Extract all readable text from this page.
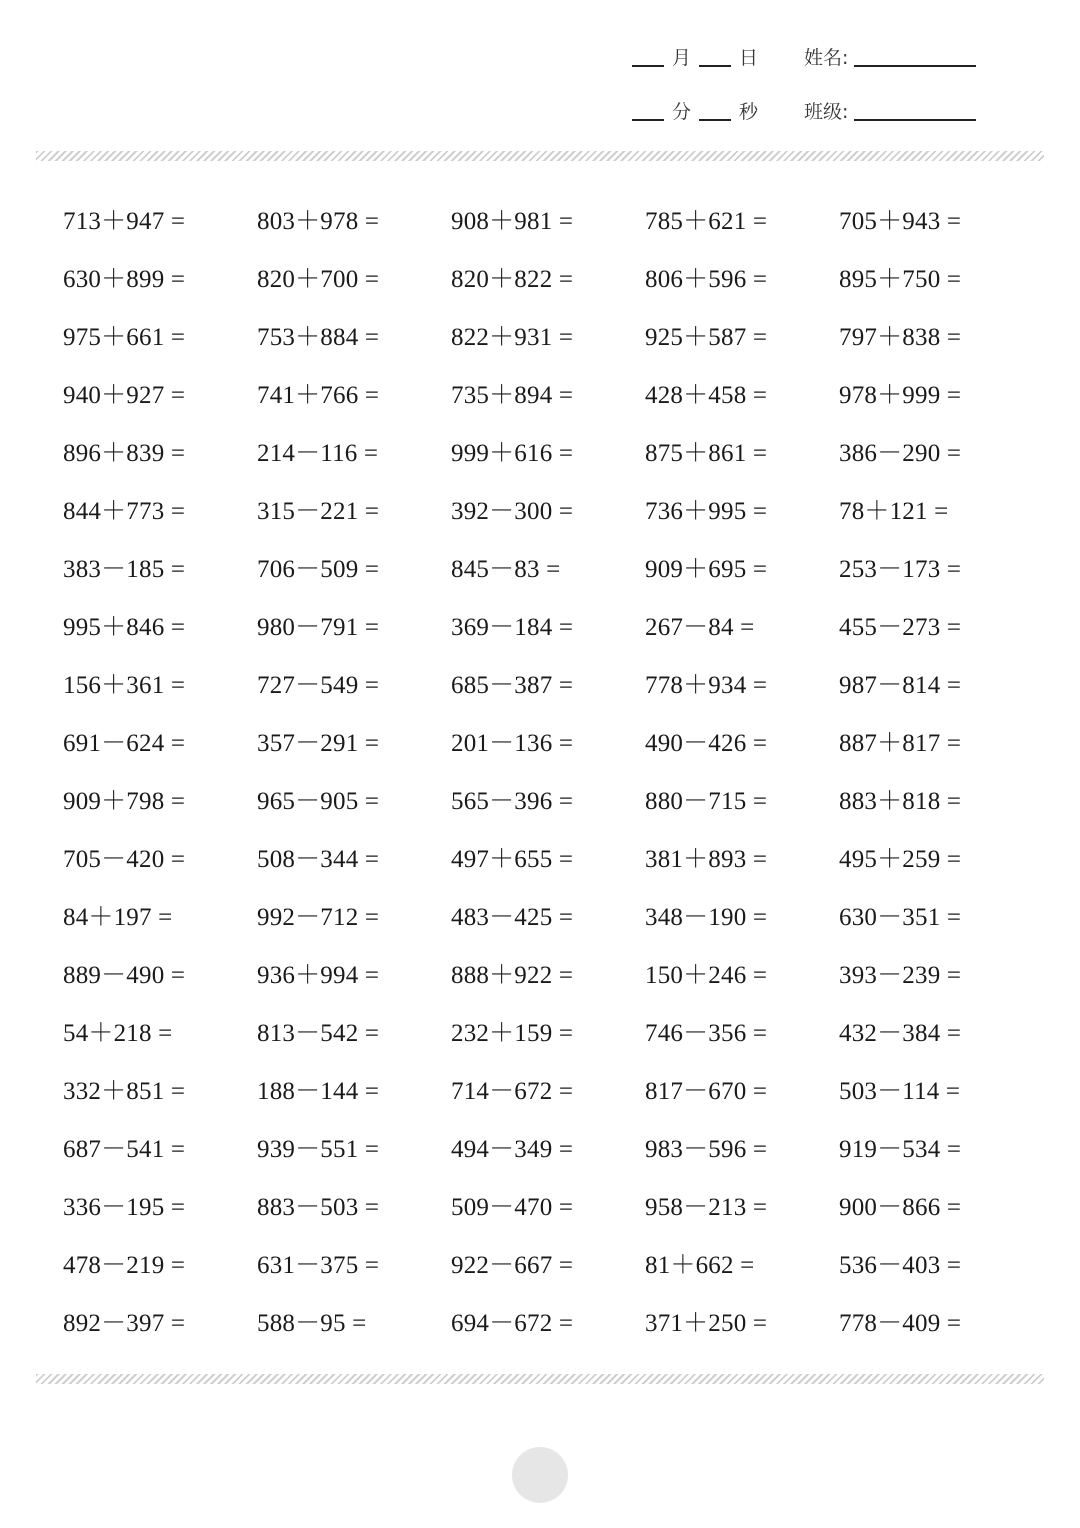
月	日 姓名:
分	秒 班级:
713＋947 =	803＋978 =	908＋981 =	785＋621 =	705＋943 =
630＋899 =	820＋700 =	820＋822 =	806＋596 =	895＋750 =
975＋661 =	753＋884 =	822＋931 =	925＋587 =	797＋838 =
940＋927 =	741＋766 =	735＋894 =	428＋458 =	978＋999 =
896＋839 =	214－116 =	999＋616 =	875＋861 =	386－290 =
844＋773 =	315－221 =	392－300 =	736＋995 =	78＋121 =
383－185 =	706－509 =	845－83 =	909＋695 =	253－173 =
995＋846 =	980－791 =	369－184 =	267－84 =	455－273 =
156＋361 =	727－549 =	685－387 =	778＋934 =	987－814 =
691－624 =	357－291 =	201－136 =	490－426 =	887＋817 =
909＋798 =	965－905 =	565－396 =	880－715 =	883＋818 =
705－420 =	508－344 =	497＋655 =	381＋893 =	495＋259 =
84＋197 =	992－712 =	483－425 =	348－190 =	630－351 =
889－490 =	936＋994 =	888＋922 =	150＋246 =	393－239 =
54＋218 =	813－542 =	232＋159 =	746－356 =	432－384 =
332＋851 =	188－144 =	714－672 =	817－670 =	503－114 =
687－541 =	939－551 =	494－349 =	983－596 =	919－534 =
336－195 =	883－503 =	509－470 =	958－213 =	900－866 =
478－219 =	631－375 =	922－667 =	81＋662 =	536－403 =
892－397 =	588－95 =	694－672 =	371＋250 =	778－409 =
